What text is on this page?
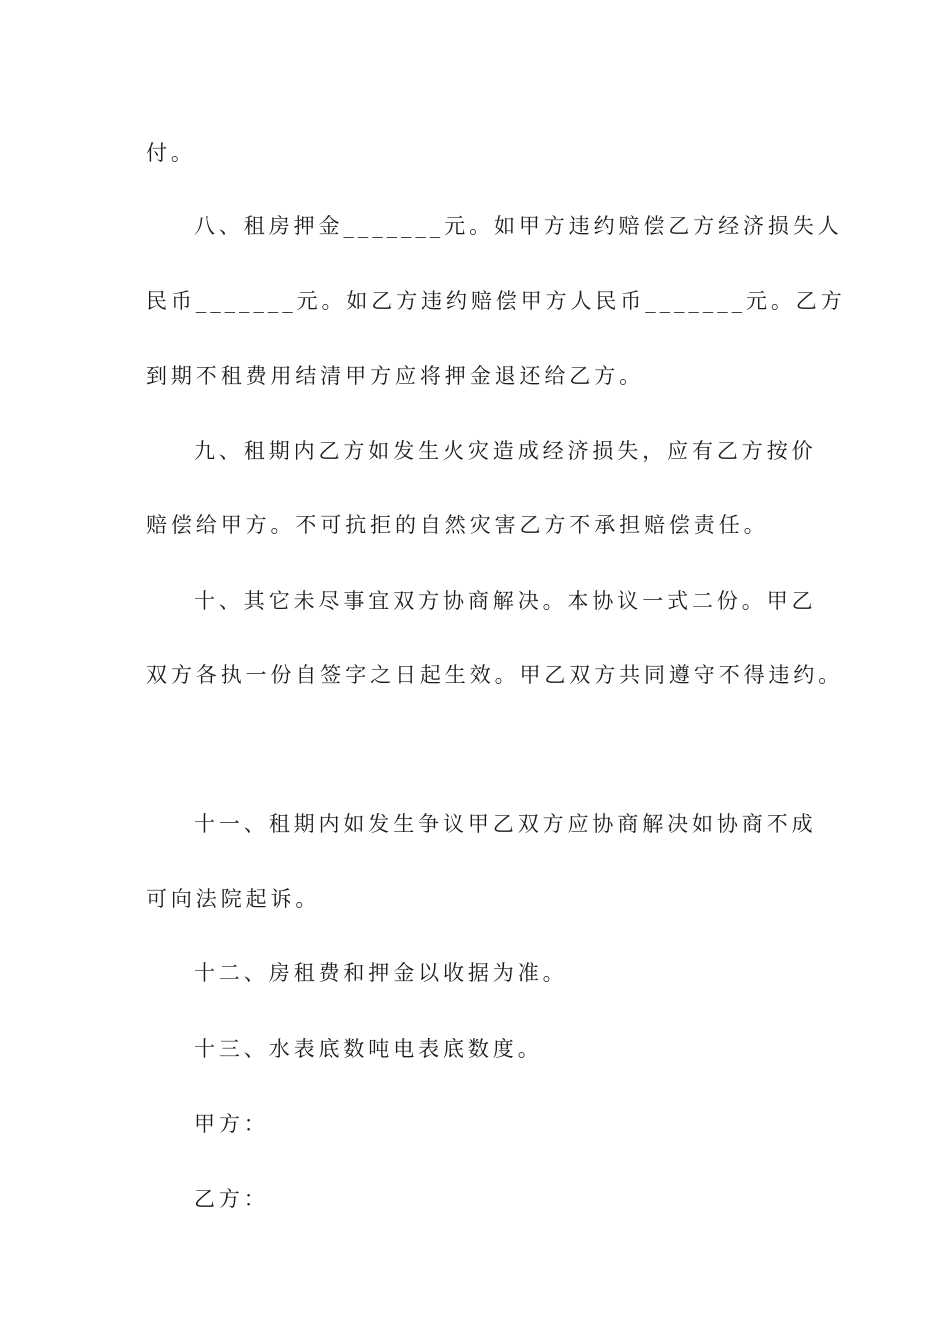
付。
八、租房押金_______元。如甲方违约赔偿乙方经济损失人
民币_______元。如乙方违约赔偿甲方人民币_______元。乙方
到期不租费用结清甲方应将押金退还给乙方。
九、租期内乙方如发生火灾造成经济损失，应有乙方按价
赔偿给甲方。不可抗拒的自然灾害乙方不承担赔偿责任。
十、其它未尽事宜双方协商解决。本协议一式二份。甲乙
双方各执一份自签字之日起生效。甲乙双方共同遵守不得违约。
十一、租期内如发生争议甲乙双方应协商解决如协商不成
可向法院起诉。
十二、房租费和押金以收据为准。
十三、水表底数吨电表底数度。
甲方：
乙方：
